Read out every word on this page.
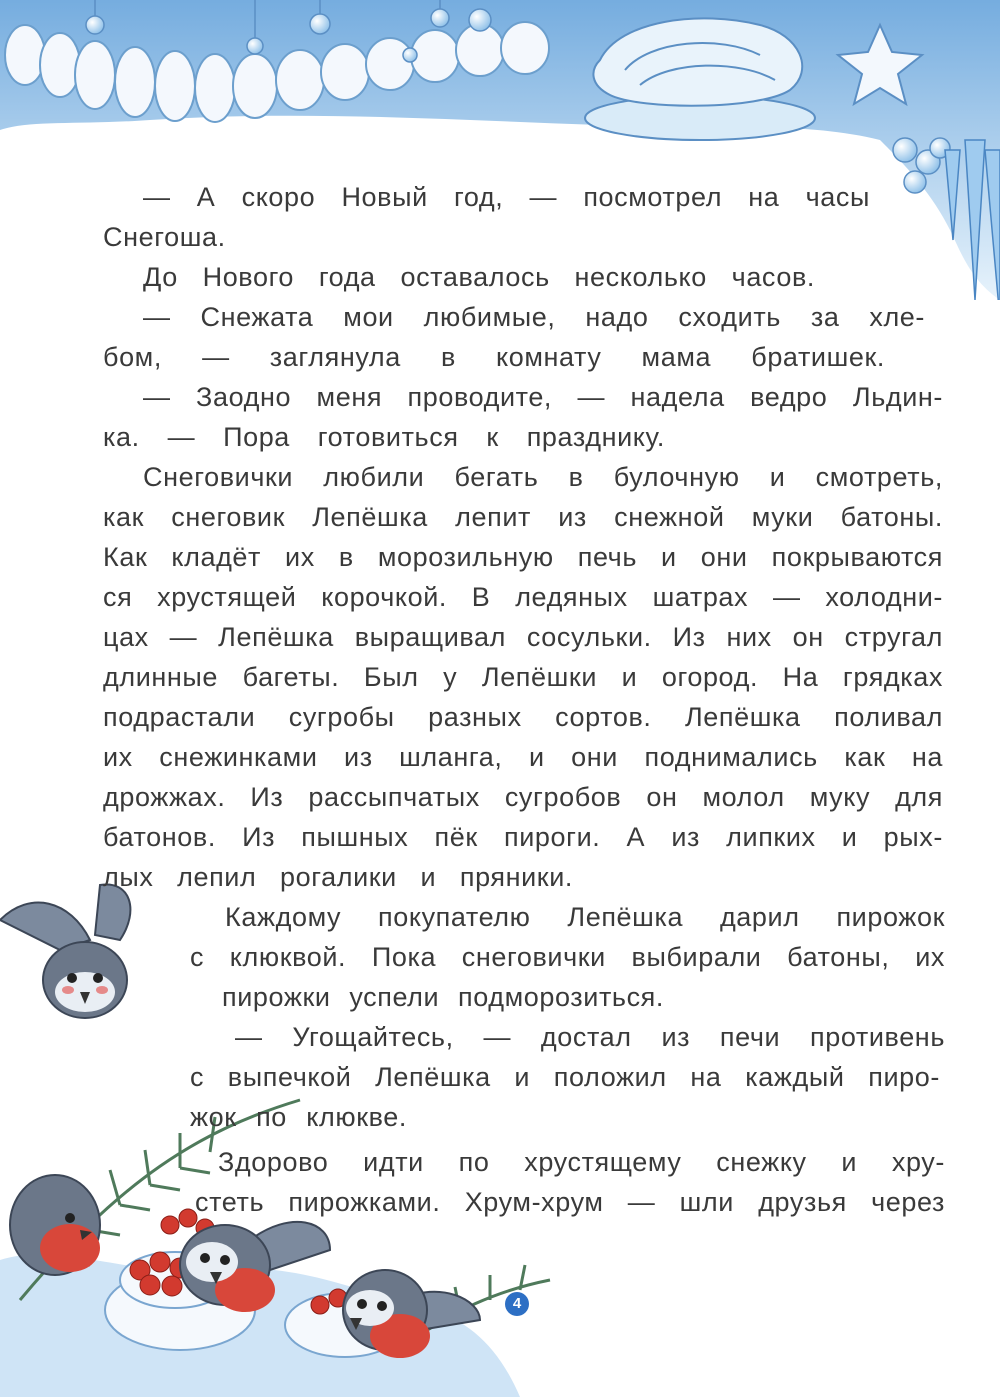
— А скоро Новый год, — посмотрел на часы
Снегоша.
До Нового года оставалось несколько часов.
— Снежата мои любимые, надо сходить за хле-
бом, — заглянула в комнату мама братишек.
— Заодно меня проводите, — надела ведро Льдин-
ка. — Пора готовиться к празднику.
Снеговички любили бегать в булочную и смотреть,
как снеговик Лепёшка лепит из снежной муки батоны.
Как кладёт их в морозильную печь и они покрываются
ся хрустящей корочкой. В ледяных шатрах — холодни-
цах — Лепёшка выращивал сосульки. Из них он стругал
длинные багеты. Был у Лепёшки и огород. На грядках
подрастали сугробы разных сортов. Лепёшка поливал
их снежинками из шланга, и они поднимались как на
дрожжах. Из рассыпчатых сугробов он молол муку для
батонов. Из пышных пёк пироги. А из липких и рых-
лых лепил рогалики и пряники.
Каждому покупателю Лепёшка дарил пирожок
с клюквой. Пока снеговички выбирали батоны, их
пирожки успели подморозиться.
— Угощайтесь, — достал из печи противень
с выпечкой Лепёшка и положил на каждый пиро-
жок по клюкве.
Здорово идти по хрустящему снежку и хру-
стеть пирожками. Хрум-хрум — шли друзья через
4
